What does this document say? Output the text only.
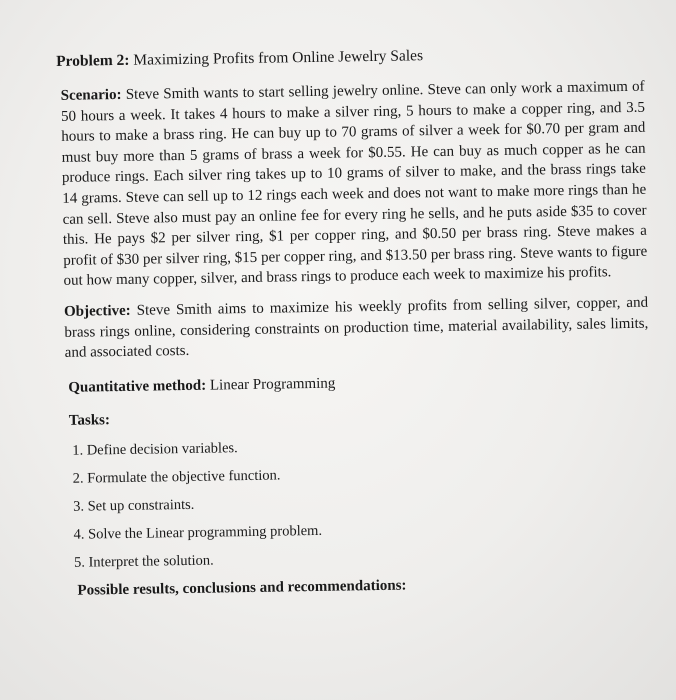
Problem 2: Maximizing Profits from Online Jewelry Sales

Scenario: Steve Smith wants to start selling jewelry online. Steve can only work a maximum of 50 hours a week. It takes 4 hours to make a silver ring, 5 hours to make a copper ring, and 3.5 hours to make a brass ring. He can buy up to 70 grams of silver a week for $0.70 per gram and must buy more than 5 grams of brass a week for $0.55. He can buy as much copper as he can produce rings. Each silver ring takes up to 10 grams of silver to make, and the brass rings take 14 grams. Steve can sell up to 12 rings each week and does not want to make more rings than he can sell. Steve also must pay an online fee for every ring he sells, and he puts aside $35 to cover this. He pays $2 per silver ring, $1 per copper ring, and $0.50 per brass ring. Steve makes a profit of $30 per silver ring, $15 per copper ring, and $13.50 per brass ring. Steve wants to figure out how many copper, silver, and brass rings to produce each week to maximize his profits.

Objective: Steve Smith aims to maximize his weekly profits from selling silver, copper, and brass rings online, considering constraints on production time, material availability, sales limits, and associated costs.

Quantitative method: Linear Programming
Tasks:
1. Define decision variables.
2. Formulate the objective function.
3. Set up constraints.
4. Solve the Linear programming problem.
5. Interpret the solution.
Possible results, conclusions and recommendations:
